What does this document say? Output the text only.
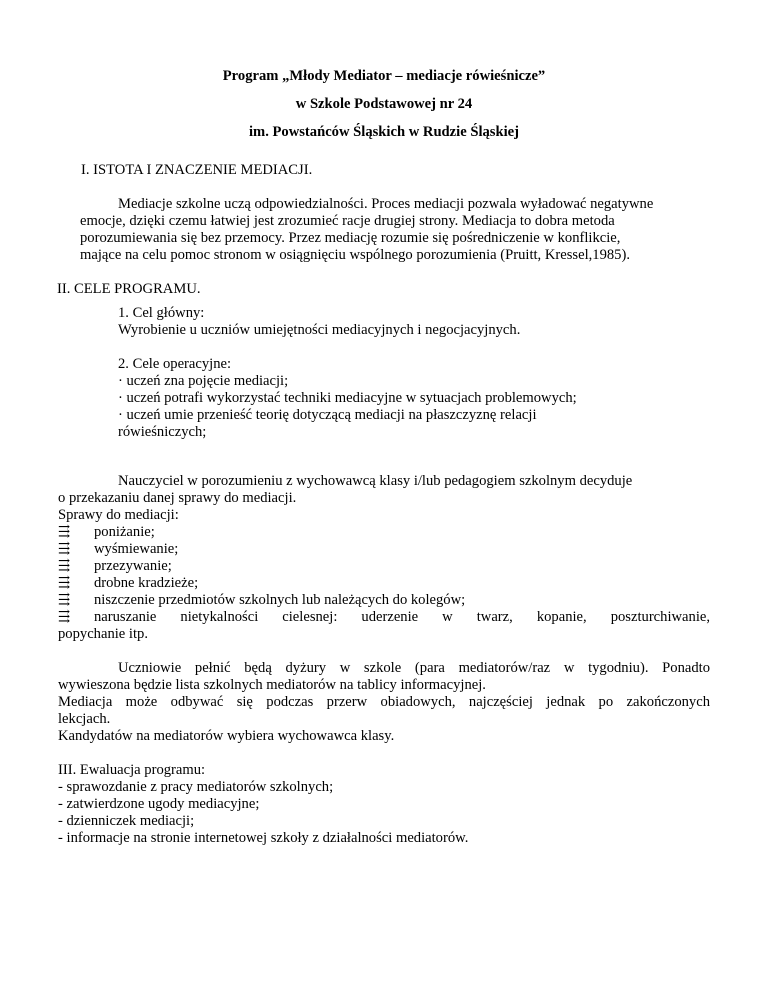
Program „Młody Mediator – mediacje rówieśnicze”
w Szkole Podstawowej nr 24
im. Powstańców Śląskich w Rudzie Śląskiej
I. ISTOTA I ZNACZENIE MEDIACJI.
Mediacje szkolne uczą odpowiedzialności. Proces mediacji pozwala wyładować negatywne
emocje, dzięki czemu łatwiej jest zrozumieć racje drugiej strony. Mediacja to dobra metoda
porozumiewania się bez przemocy. Przez mediację rozumie się pośredniczenie w konflikcie,
mające na celu pomoc stronom w osiągnięciu wspólnego porozumienia (Pruitt, Kressel,1985).
II. CELE PROGRAMU.
1. Cel główny:
Wyrobienie u uczniów umiejętności mediacyjnych i negocjacyjnych.
2. Cele operacyjne:
· uczeń zna pojęcie mediacji;
· uczeń potrafi wykorzystać techniki mediacyjne w sytuacjach problemowych;
· uczeń umie przenieść teorię dotyczącą mediacji na płaszczyznę relacji
rówieśniczych;
Nauczyciel w porozumieniu z wychowawcą klasy i/lub pedagogiem szkolnym decyduje
o przekazaniu danej sprawy do mediacji.
Sprawy do mediacji:
⇶ poniżanie;
⇶ wyśmiewanie;
⇶ przezywanie;
⇶ drobne kradzieże;
⇶ niszczenie przedmiotów szkolnych lub należących do kolegów;
⇶	naruszanie nietykalności cielesnej: uderzenie w twarz, kopanie, poszturchiwanie,
popychanie itp.
Uczniowie pełnić będą dyżury w szkole (para mediatorów/raz w tygodniu). Ponadto
wywieszona będzie lista szkolnych mediatorów na tablicy informacyjnej.
Mediacja może odbywać się podczas przerw obiadowych, najczęściej jednak po zakończonych
lekcjach.
Kandydatów na mediatorów wybiera wychowawca klasy.
III. Ewaluacja programu:
- sprawozdanie z pracy mediatorów szkolnych;
- zatwierdzone ugody mediacyjne;
- dzienniczek mediacji;
- informacje na stronie internetowej szkoły z działalności mediatorów.
